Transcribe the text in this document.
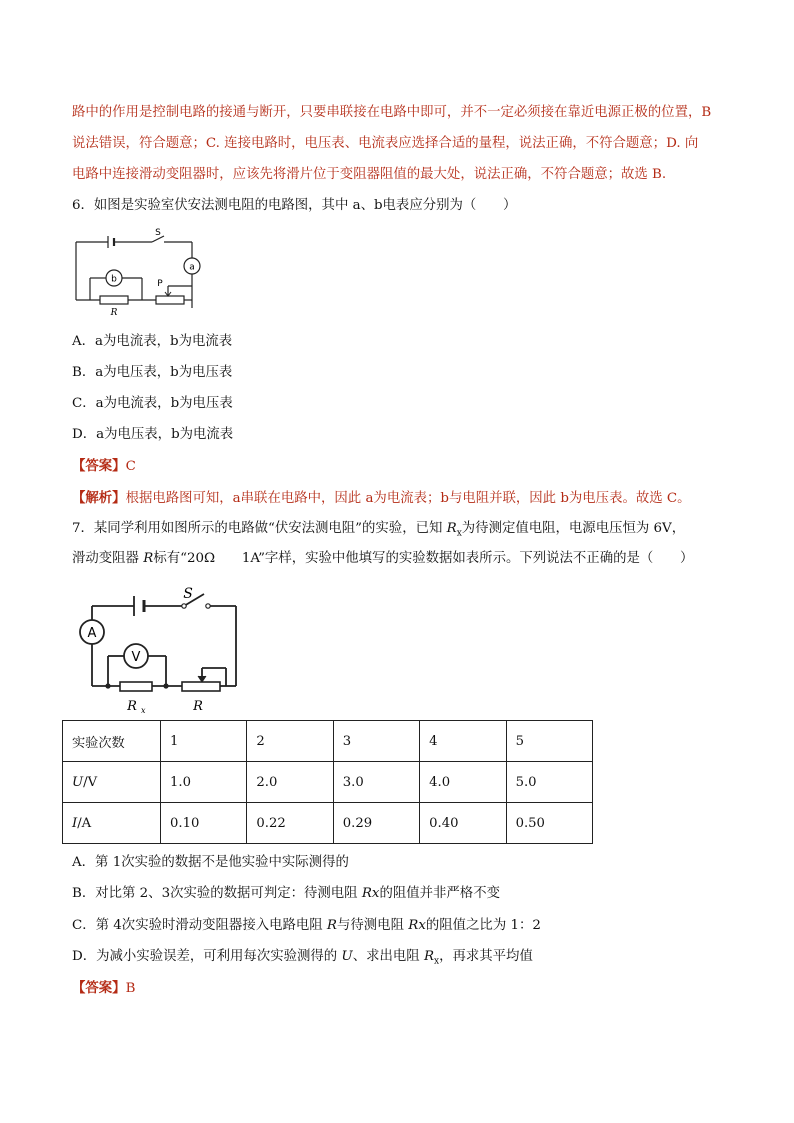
路中的作用是控制电路的接通与断开，只要串联接在电路中即可，并不一定必须接在靠近电源正极的位置，B
说法错误，符合题意；C. 连接电路时，电压表、电流表应选择合适的量程，说法正确，不符合题意；D. 向
电路中连接滑动变阻器时，应该先将滑片位于变阻器阻值的最大处，说法正确，不符合题意；故选 B.
6．如图是实验室伏安法测电阻的电路图，其中 a、b电表应分别为（　　）
a
b
S
R
P
A．a为电流表，b为电流表
B．a为电压表，b为电压表
C．a为电流表，b为电压表
D．a为电压表，b为电流表
【答案】C
【解析】根据电路图可知，a串联在电路中，因此 a为电流表；b与电阻并联，因此 b为电压表。故选 C。
7．某同学利用如图所示的电路做“伏安法测电阻”的实验，已知 $R_x$为待测定值电阻，电源电压恒为 6V，
滑动变阻器 R标有“20Ω　　1A”字样，实验中他填写的实验数据如表所示。下列说法不正确的是（　　）
A
V
S
R x	R
实验次数	1	2	3	4	5
U/V	1.0	2.0	3.0	4.0	5.0
I/A	0.10	0.22	0.29	0.40	0.50
A．第 1次实验的数据不是他实验中实际测得的
B．对比第 2、3次实验的数据可判定：待测电阻 Rx的阻值并非严格不变
C．第 4次实验时滑动变阻器接入电路电阻 R与待测电阻 Rx的阻值之比为 1：2
D．为减小实验误差，可利用每次实验测得的 U、求出电阻 $R_x$，再求其平均值
【答案】B
